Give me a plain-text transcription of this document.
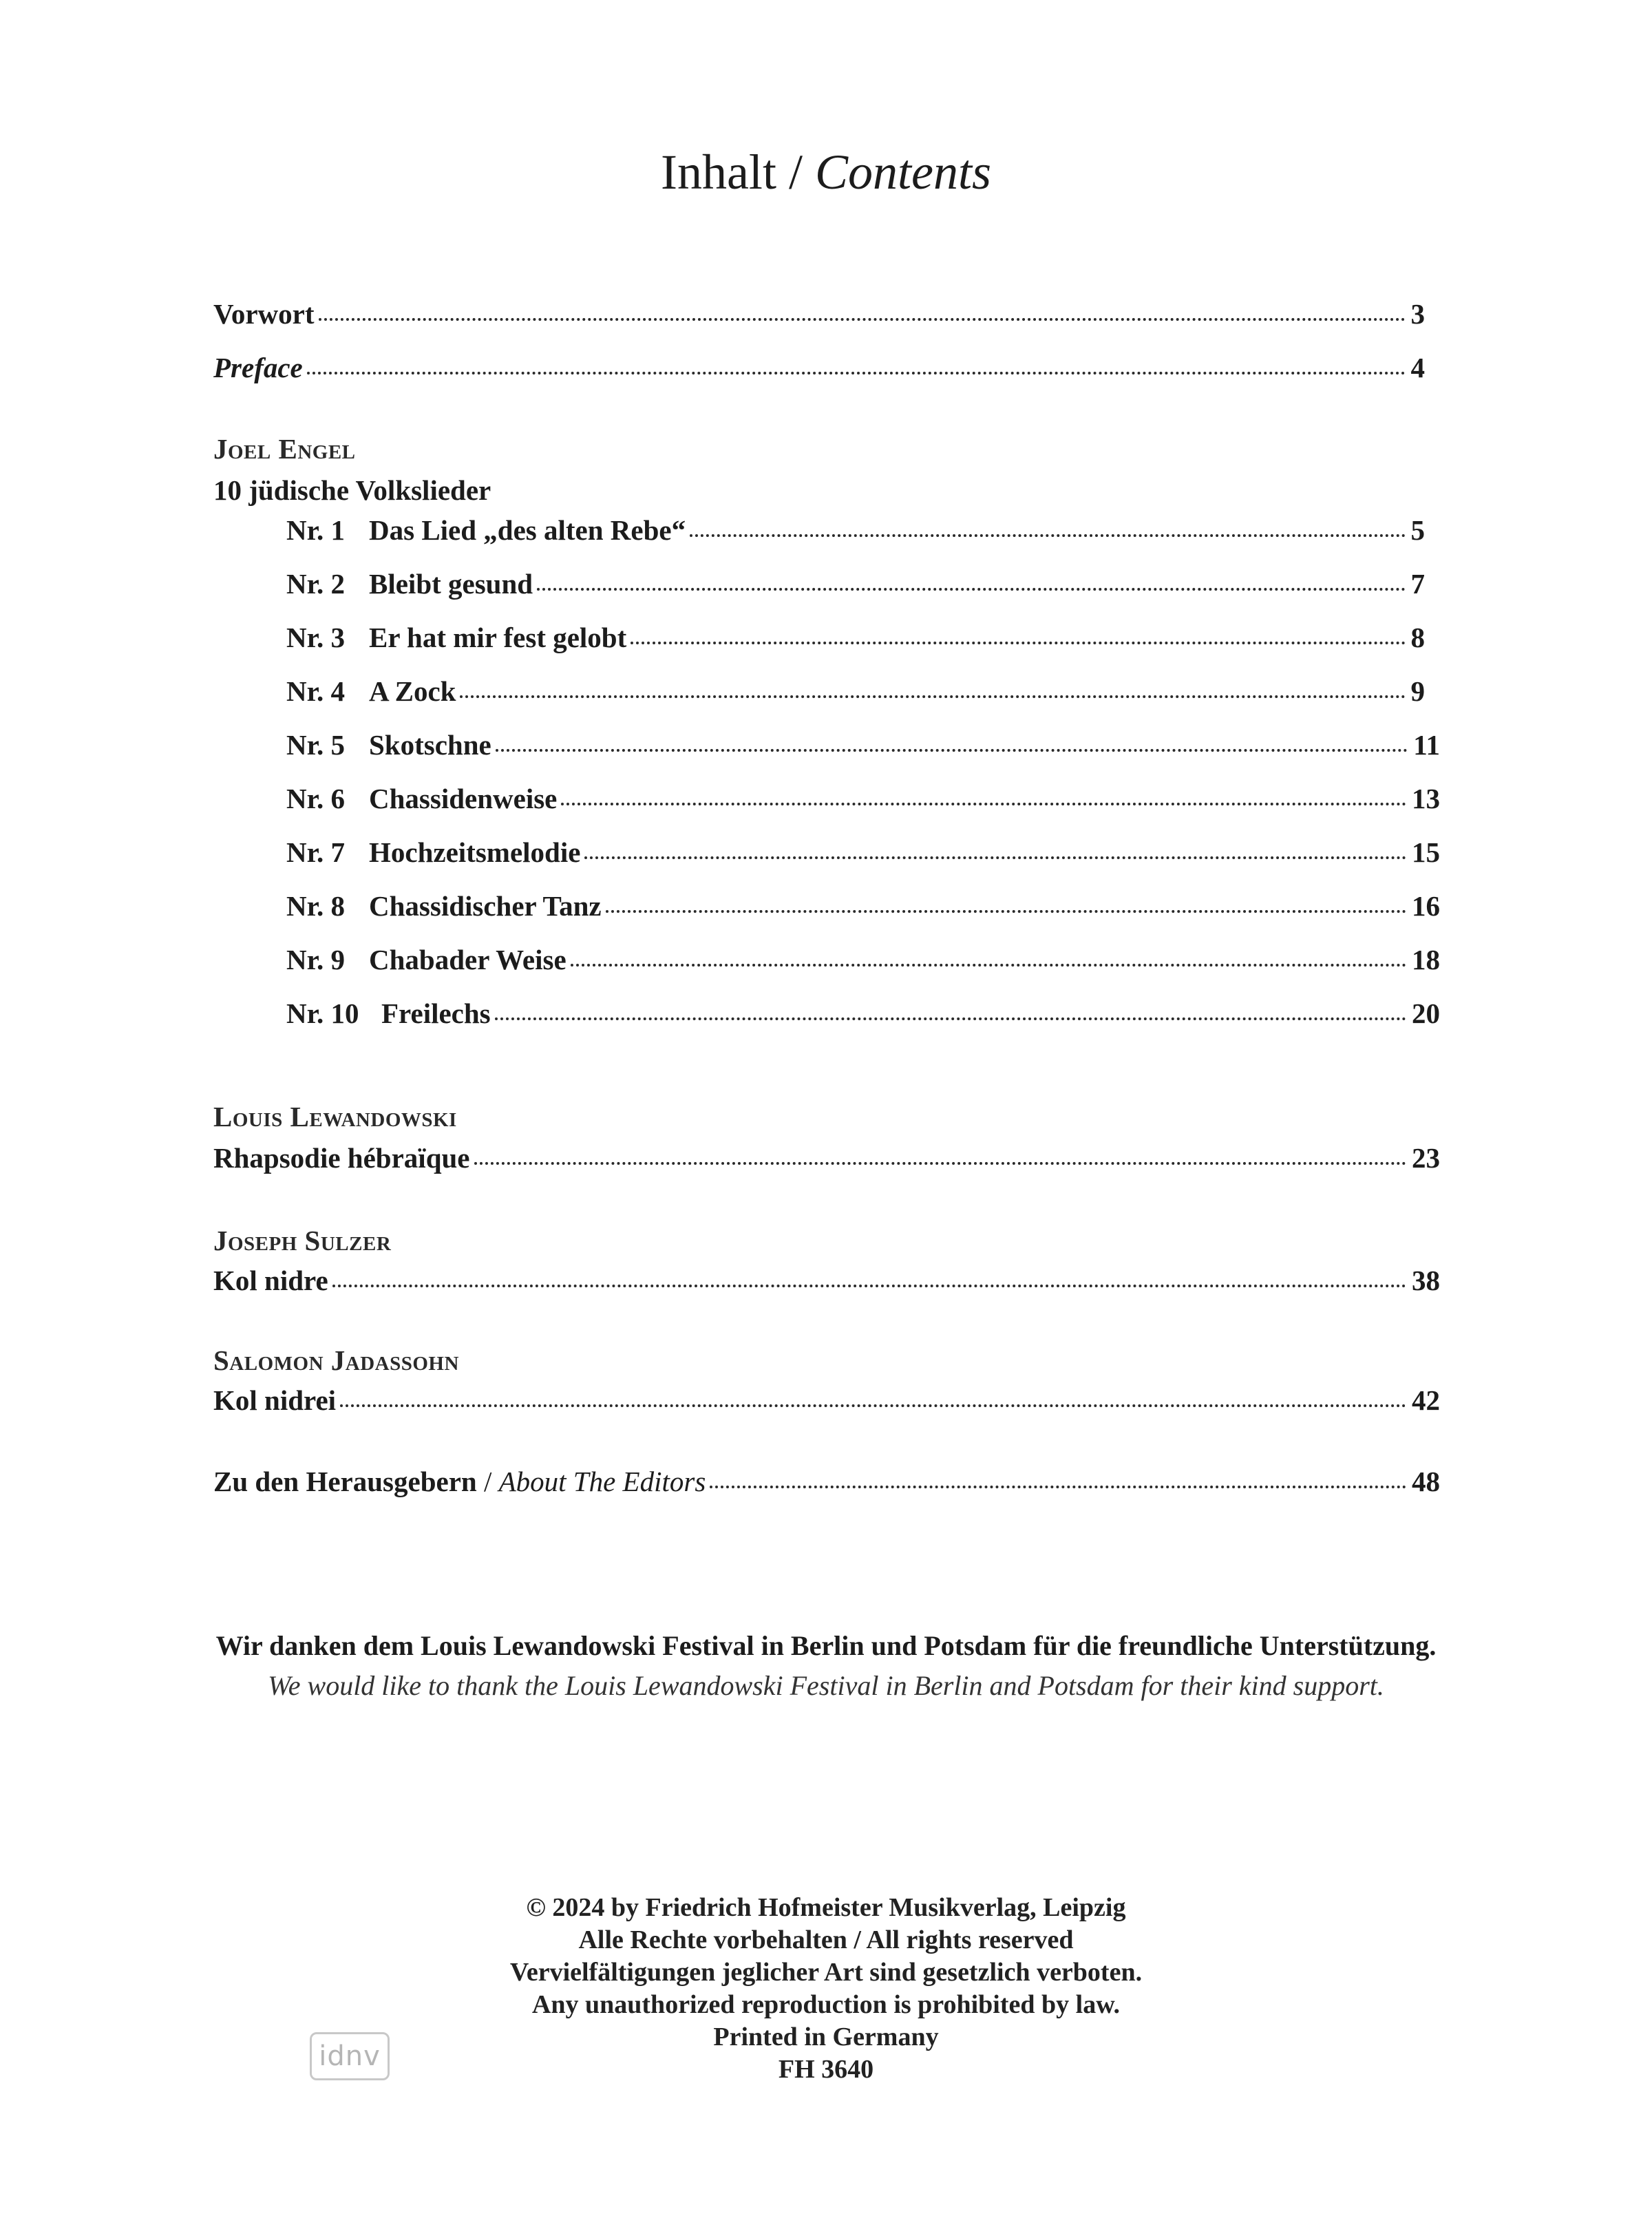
Inhalt / Contents
Vorwort	3
Preface	4
Joel Engel
10 jüdische Volkslieder
Nr. 1 Das Lied „des alten Rebe“	5
Nr. 2 Bleibt gesund	7
Nr. 3 Er hat mir fest gelobt	8
Nr. 4 A Zock	9
Nr. 5 Skotschne	11
Nr. 6 Chassidenweise	13
Nr. 7 Hochzeitsmelodie	15
Nr. 8 Chassidischer Tanz	16
Nr. 9 Chabader Weise	18
Nr. 10 Freilechs	20
Louis Lewandowski
Rhapsodie hébraïque	23
Joseph Sulzer
Kol nidre	38
Salomon Jadassohn
Kol nidrei	42
Zu den Herausgebern / About The Editors	48
Wir danken dem Louis Lewandowski Festival in Berlin und Potsdam für die freundliche Unterstützung.
We would like to thank the Louis Lewandowski Festival in Berlin and Potsdam for their kind support.
© 2024 by Friedrich Hofmeister Musikverlag, Leipzig
Alle Rechte vorbehalten / All rights reserved
Vervielfältigungen jeglicher Art sind gesetzlich verboten.
Any unauthorized reproduction is prohibited by law.
Printed in Germany
FH 3640
idnv
